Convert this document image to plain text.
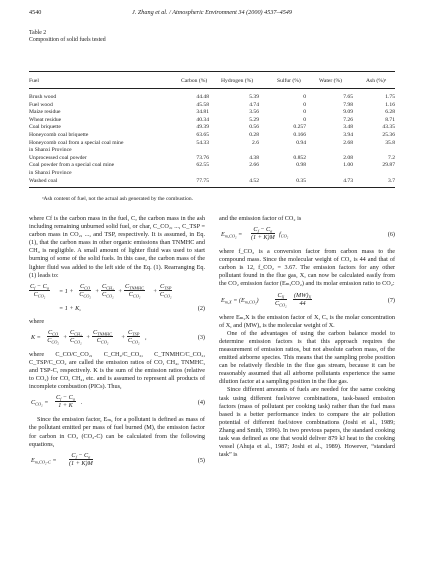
4540	J. Zhang et al. / Atmospheric Environment 34 (2000) 4537–4549
Table 2
Composition of solid fuels tested
Fuel	Carbon (%)	Hydrogen (%)	Sulfur (%)	Water (%)	Ash (%)ᵃ
Brush wood	44.48	5.39	0	7.65	1.75
Fuel wood	45.58	4.74	0	7.98	1.16
Maize residue	34.81	3.56	0	9.09	6.28
Wheat residue	40.34	5.29	0	7.26	8.71
Coal briquette	49.39	0.56	0.257	3.48	43.35
Honeycomb coal briquette	63.65	0.28	0.166	3.94	25.36
Honeycomb coal from a special coal mine	54.33	2.6	0.94	2.68	35.8
in Shanxi Province
Unprocessed coal powder	73.76	4.38	0.852	2.08	7.2
Coal powder from a special coal mine	62.55	2.66	0.98	1.00	29.87
in Shanxi Province
Washed coal	77.75	4.52	0.35	4.73	3.7
ᵃAsh content of fuel, not the actual ash generated by the combustion.

where Cf is the carbon mass in the fuel, Cₐ the carbon mass in the ash including remaining unburned solid fuel, or char, C_CO₂, ..., C_TSP = carbon mass in CO₂, ..., and TSP, respectively. It is assumed, in Eq. (1), that the carbon mass in other organic emissions than TNMHC and CH₄ is negligible. A small amount of lighter fluid was used to start burning of some of the solid fuels. In this case, the carbon mass of the lighter fluid was added to the left side of the Eq. (1). Rearranging Eq. (1) leads to:

$C_f - C_a$
$C_{CO_2}$
= 1 +
$C_{CO}$
$C_{CO_2}$
+
$C_{CH_4}$
$C_{CO_2}$
+
$C_{TNMHC}$
$C_{CO_2}$
+
$C_{TSP}$
$C_{CO_2}$
= 1 + K,	(2)

where

K =
$C_{CO}$
$C_{CO_2}$
+
$C_{CH_4}$
$C_{CO_2}$
+
$C_{TNMHC}$
$C_{CO_2}$
+
$C_{TSP}$
$C_{CO_2}$
,	(3)

where C_CO/C_CO₂, C_CH₄/C_CO₂, C_TNMHC/C_CO₂, C_TSP/C_CO₂ are called the emission ratios of CO, CH₄, TNMHC, and TSP-C, respectively. K is the sum of the emission ratios (relative to CO₂) for CO, CH₄, etc. and is assumed to represent all products of incomplete combustion (PICs). Thus,

$C_{CO_2} = \frac{C_f - C_a}{1 + K}$ .	(4)

Since the emission factor, Eₘ, for a pollutant is defined as mass of the pollutant emitted per mass of fuel burned (M), the emission factor for carbon in CO₂ (CO₂-C) can be calculated from the following equations,

$E_{m,CO_2-C} = \frac{C_f - C_a}{(1 + K)M}$	(5)

and the emission factor of CO₂ is

$E_{m,CO_2} = \frac{C_f - C_a}{(1 + K)M} f_{CO_2}$	(6)

where f_CO₂ is a conversion factor from carbon mass to the compound mass. Since the molecular weight of CO₂ is 44 and that of carbon is 12, f_CO₂ = 3.67. The emission factors for any other pollutant found in the flue gas, X, can now be calculated easily from the CO₂ emission factor (Eₘ,CO₂) and its molar emission ratio to CO₂:

$E_{m,X} = (E_{m,CO_2})$
$C_X$
$C_{CO_2} \frac{(MW)_X}{44}$	(7)

where Eₘ,X is the emission factor of X, Cₓ is the molar concentration of X, and (MW)ₓ is the molecular weight of X.

One of the advantages of using the carbon balance model to determine emission factors is that this approach requires the measurement of emission ratios, but not absolute carbon mass, of the emitted airborne species. This means that the sampling probe position can be relatively flexible in the flue gas stream, because it can be reasonably assumed that all airborne pollutants experience the same dilution factor at a sampling position in the flue gas.

Since different amounts of fuels are needed for the same cooking task using different fuel/stove combinations, task-based emission factors (mass of pollutant per cooking task) rather than the fuel mass based is a better performance index to compare the air pollution potential of different fuel/stove combinations (Joshi et al., 1989; Zhang and Smith, 1996). In two previous papers, the standard cooking task was defined as one that would deliver 879 kJ heat to the cooking vessel (Ahuja et al., 1987; Joshi et al., 1989). However, “standard task” is
